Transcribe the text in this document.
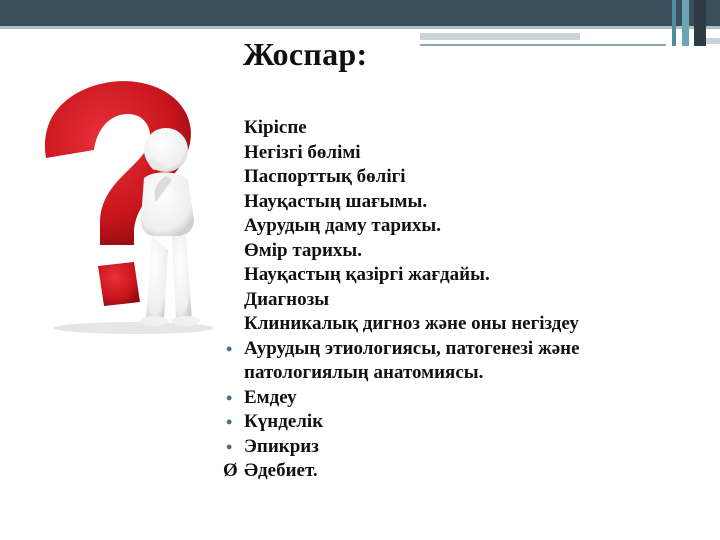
Жоспар:
Кіріспе
Негізгі бөлімі
Паспорттық бөлігі
Науқастың шағымы.
Аурудың даму тарихы.
Өмір тарихы.
Науқастың қазіргі жағдайы.
Диагнозы
Клиникалық дигноз және оны негіздеу
• Аурудың этиологиясы, патогенезі және патологиялың анатомиясы.
• Емдеу
• Күнделік
• Эпикриз
Ø Әдебиет.
